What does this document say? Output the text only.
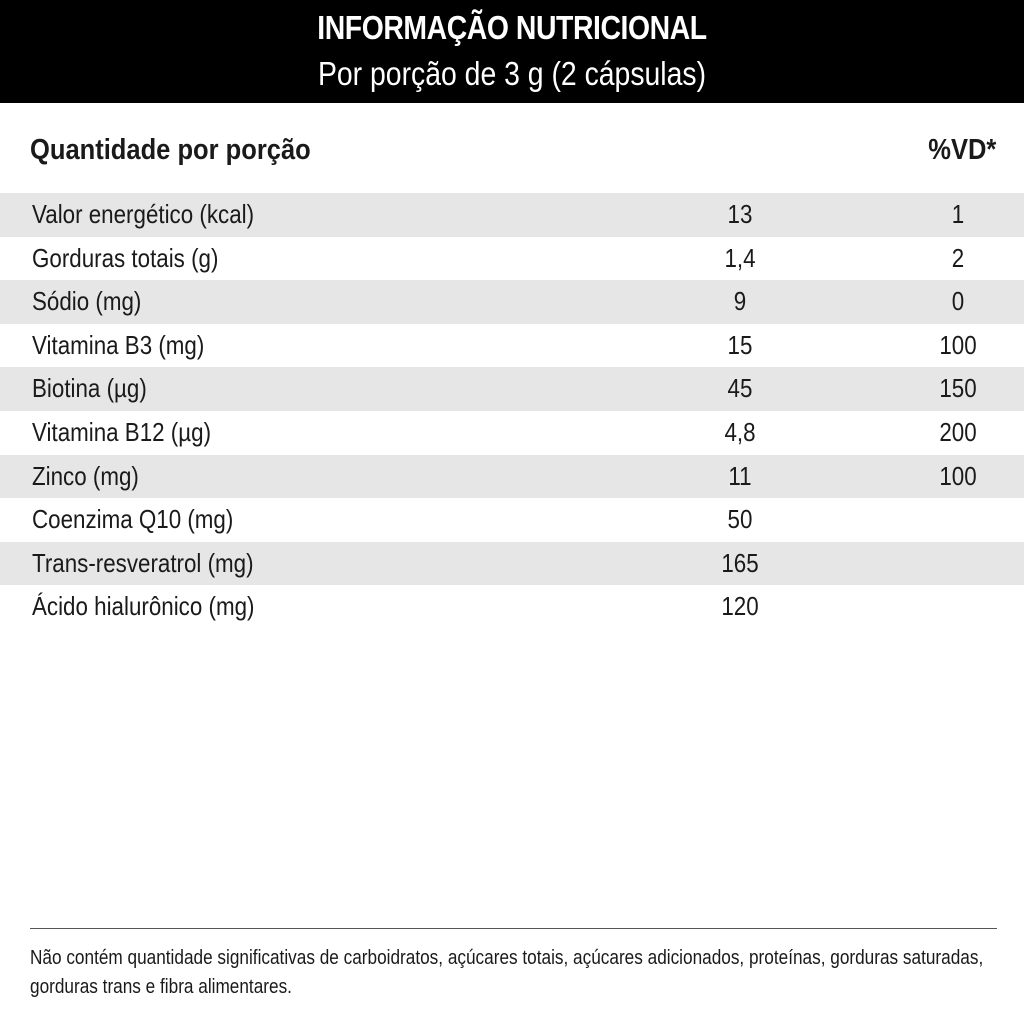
INFORMAÇÃO NUTRICIONAL
Por porção de 3 g (2 cápsulas)
Quantidade por porção	%VD*
Valor energético (kcal)	13	1
Gorduras totais (g)	1,4	2
Sódio (mg)	9	0
Vitamina B3 (mg)	15	100
Biotina (µg)	45	150
Vitamina B12 (µg)	4,8	200
Zinco (mg)	11	100
Coenzima Q10 (mg)	50
Trans-resveratrol (mg)	165
Ácido hialurônico (mg)	120
Não contém quantidade significativas de carboidratos, açúcares totais, açúcares adicionados, proteínas, gorduras saturadas, gorduras trans e fibra alimentares.
